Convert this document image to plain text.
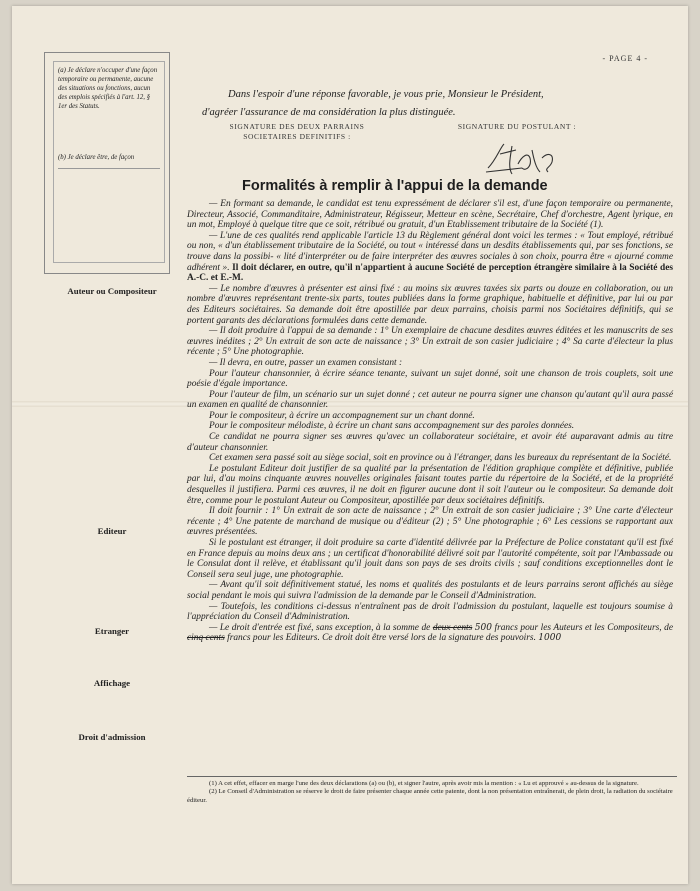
- PAGE 4 -

(a) Je déclare n'occuper d'une façon temporaire ou permanente, aucune des situations ou fonctions, aucun des emplois spécifiés à l'art. 12, § 1er des Statuts.

(b) Je déclare être, de façon

Dans l'espoir d'une réponse favorable, je vous prie, Monsieur le Président,
d'agréer l'assurance de ma considération la plus distinguée.
SIGNATURE DES DEUX PARRAINS SOCIETAIRES DEFINITIFS :
SIGNATURE DU POSTULANT :
Formalités à remplir à l'appui de la demande

— En formant sa demande, le candidat est tenu expressément de déclarer s'il est, d'une façon temporaire ou permanente, Directeur, Associé, Commanditaire, Administrateur, Régisseur, Metteur en scène, Secrétaire, Chef d'orchestre, Agent lyrique, en un mot, Employé à quelque titre que ce soit, rétribué ou gratuit, d'un Etablissement tributaire de la Société (1).

— L'une de ces qualités rend applicable l'article 13 du Règlement général dont voici les termes : « Tout employé, rétribué ou non, « d'un établissement tributaire de la Société, ou tout « intéressé dans un desdits établissements qui, par ses fonctions, se trouve dans la possibi- « lité d'interpréter ou de faire interpréter des œuvres sociales à son choix, pourra être « ajourné comme adhérent ». Il doit déclarer, en outre, qu'il n'appartient à aucune Société de perception étrangère similaire à la Société des A.-C. et E.-M.

— Le nombre d'œuvres à présenter est ainsi fixé : au moins six œuvres taxées six parts ou douze en collaboration, ou un nombre d'œuvres représentant trente-six parts, toutes publiées dans la forme graphique, habituelle et définitive, par lui ou par des Editeurs sociétaires. Sa demande doit être apostillée par deux parrains, choisis parmi nos Sociétaires définitifs, qui se portent garants des déclarations formulées dans cette demande.

— Il doit produire à l'appui de sa demande : 1° Un exemplaire de chacune desdites œuvres éditées et les manuscrits de ses œuvres inédites ; 2° Un extrait de son acte de naissance ; 3° Un extrait de son casier judiciaire ; 4° Sa carte d'électeur la plus récente ; 5° Une photographie.

— Il devra, en outre, passer un examen consistant :

Pour l'auteur chansonnier, à écrire séance tenante, suivant un sujet donné, soit une chanson de trois couplets, soit une poésie d'égale importance.

Pour l'auteur de film, un scénario sur un sujet donné ; cet auteur ne pourra signer une chanson qu'autant qu'il aura passé un examen en qualité de chansonnier.

Pour le compositeur, à écrire un accompagnement sur un chant donné.

Pour le compositeur mélodiste, à écrire un chant sans accompagnement sur des paroles données.

Ce candidat ne pourra signer ses œuvres qu'avec un collaborateur sociétaire, et avoir été auparavant admis au titre d'auteur chansonnier.

Cet examen sera passé soit au siège social, soit en province ou à l'étranger, dans les bureaux du représentant de la Société.

Le postulant Editeur doit justifier de sa qualité par la présentation de l'édition graphique complète et définitive, publiée par lui, d'au moins cinquante œuvres nouvelles originales faisant toutes partie du répertoire de la Société, et de la propriété desquelles il justifiera. Parmi ces œuvres, il ne doit en figurer aucune dont il soit l'auteur ou le compositeur. Sa demande doit être, comme pour le postulant Auteur ou Compositeur, apostillée par deux sociétaires définitifs.

Il doit fournir : 1° Un extrait de son acte de naissance ; 2° Un extrait de son casier judiciaire ; 3° Une carte d'électeur récente ; 4° Une patente de marchand de musique ou d'éditeur (2) ; 5° Une photographie ; 6° Les cessions se rapportant aux œuvres présentées.

Si le postulant est étranger, il doit produire sa carte d'identité délivrée par la Préfecture de Police constatant qu'il est fixé en France depuis au moins deux ans ; un certificat d'honorabilité délivré soit par l'autorité compétente, soit par l'Ambassade ou le Consulat dont il relève, et établissant qu'il jouit dans son pays de ses droits civils ; sauf conditions exceptionnelles dont le Conseil sera seul juge, une photographie.

— Avant qu'il soit définitivement statué, les noms et qualités des postulants et de leurs parrains seront affichés au siège social pendant le mois qui suivra l'admission de la demande par le Conseil d'Administration.

— Toutefois, les conditions ci-dessus n'entraînent pas de droit l'admission du postulant, laquelle est toujours soumise à l'appréciation du Conseil d'Administration.

— Le droit d'entrée est fixé, sans exception, à la somme de deux cents 500 francs pour les Auteurs et les Compositeurs, de cinq cents francs pour les Editeurs. Ce droit doit être versé lors de la signature des pouvoirs. 1000

Auteur ou Compositeur
Editeur
Etranger
Affichage
Droit d'admission

(1) A cet effet, effacer en marge l'une des deux déclarations (a) ou (b), et signer l'autre, après avoir mis la mention : « Lu et approuvé » au-dessus de la signature.

(2) Le Conseil d'Administration se réserve le droit de faire présenter chaque année cette patente, dont la non présentation entraînerait, de plein droit, la radiation du sociétaire éditeur.
